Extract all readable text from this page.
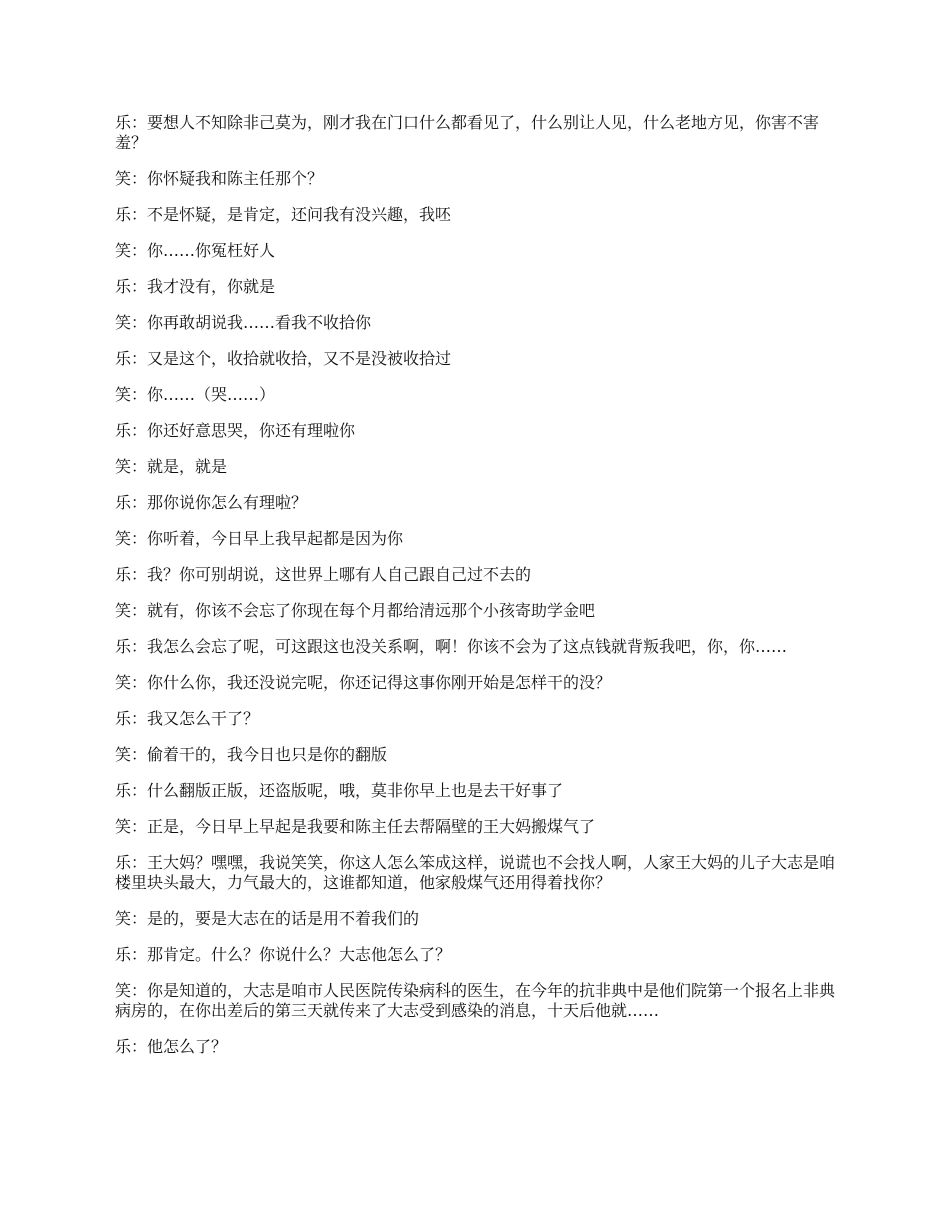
乐：要想人不知除非己莫为，刚才我在门口什么都看见了，什么别让人见，什么老地方见，你害不害羞？

笑：你怀疑我和陈主任那个？

乐：不是怀疑，是肯定，还问我有没兴趣，我呸

笑：你……你冤枉好人

乐：我才没有，你就是

笑：你再敢胡说我……看我不收拾你

乐：又是这个，收拾就收拾，又不是没被收拾过

笑：你……（哭……）

乐：你还好意思哭，你还有理啦你

笑：就是，就是

乐：那你说你怎么有理啦？

笑：你听着，今日早上我早起都是因为你

乐：我？你可别胡说，这世界上哪有人自己跟自己过不去的

笑：就有，你该不会忘了你现在每个月都给清远那个小孩寄助学金吧

乐：我怎么会忘了呢，可这跟这也没关系啊，啊！你该不会为了这点钱就背叛我吧，你，你……

笑：你什么你，我还没说完呢，你还记得这事你刚开始是怎样干的没？

乐：我又怎么干了？

笑：偷着干的，我今日也只是你的翻版

乐：什么翻版正版，还盗版呢，哦，莫非你早上也是去干好事了

笑：正是，今日早上早起是我要和陈主任去帮隔壁的王大妈搬煤气了

乐：王大妈？嘿嘿，我说笑笑，你这人怎么笨成这样，说谎也不会找人啊，人家王大妈的儿子大志是咱楼里块头最大，力气最大的，这谁都知道，他家般煤气还用得着找你？

笑：是的，要是大志在的话是用不着我们的

乐：那肯定。什么？你说什么？大志他怎么了？

笑：你是知道的，大志是咱市人民医院传染病科的医生，在今年的抗非典中是他们院第一个报名上非典病房的，在你出差后的第三天就传来了大志受到感染的消息，十天后他就……

乐：他怎么了？
